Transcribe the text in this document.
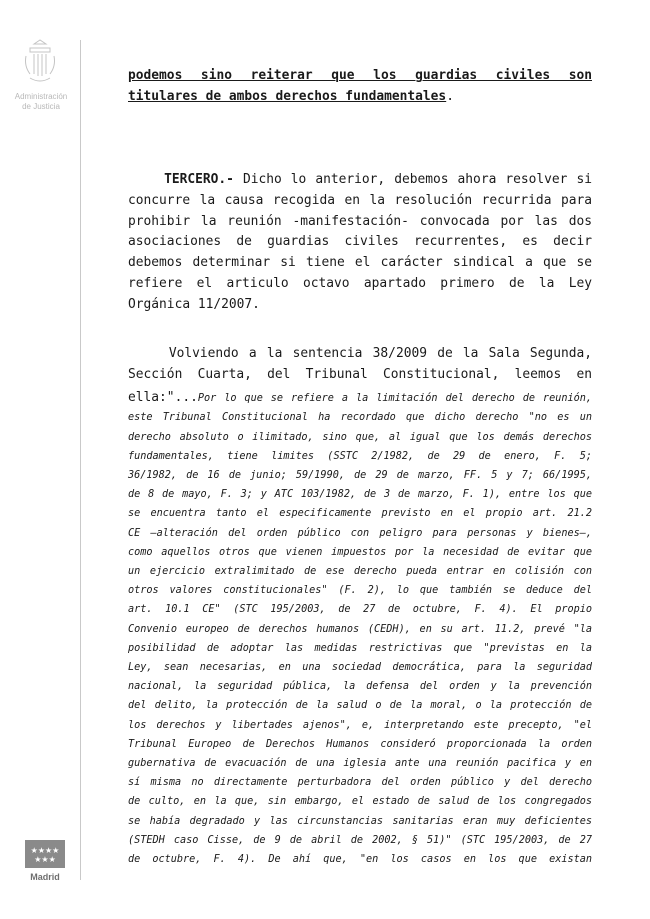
Administración
de Justicia
★★★★ ★★★
Madrid
podemos sino reiterar que los guardias civiles son
titulares de ambos derechos fundamentales.
TERCERO.- Dicho lo anterior, debemos ahora resolver si
concurre la causa recogida en la resolución recurrida para
prohibir la reunión -manifestación- convocada por las dos
asociaciones de guardias civiles recurrentes, es decir
debemos determinar si tiene el carácter sindical a que se
refiere el articulo octavo apartado primero de la Ley
Orgánica 11/2007.
Volviendo a la sentencia 38/2009 de la Sala Segunda,
Sección Cuarta, del Tribunal Constitucional, leemos en
ella:"...Por lo que se refiere a la limitación del derecho de reunión,
este Tribunal Constitucional ha recordado que dicho derecho "no es un
derecho absoluto o ilimitado, sino que, al igual que los demás derechos
fundamentales, tiene limites (SSTC 2/1982, de 29 de enero, F. 5;
36/1982, de 16 de junio; 59/1990, de 29 de marzo, FF. 5 y 7; 66/1995,
de 8 de mayo, F. 3; y ATC 103/1982, de 3 de marzo, F. 1), entre los que
se encuentra tanto el especificamente previsto en el propio art. 21.2
CE —alteración del orden público con peligro para personas y bienes—,
como aquellos otros que vienen impuestos por la necesidad de evitar que
un ejercicio extralimitado de ese derecho pueda entrar en colisión con
otros valores constitucionales" (F. 2), lo que también se deduce del
art. 10.1 CE" (STC 195/2003, de 27 de octubre, F. 4). El propio
Convenio europeo de derechos humanos (CEDH), en su art. 11.2, prevé "la
posibilidad de adoptar las medidas restrictivas que "previstas en la
Ley, sean necesarias, en una sociedad democrática, para la seguridad
nacional, la seguridad pública, la defensa del orden y la prevención
del delito, la protección de la salud o de la moral, o la protección de
los derechos y libertades ajenos", e, interpretando este precepto, "el
Tribunal Europeo de Derechos Humanos consideró proporcionada la orden
gubernativa de evacuación de una iglesia ante una reunión pacifica y en
sí misma no directamente perturbadora del orden público y del derecho
de culto, en la que, sin embargo, el estado de salud de los congregados
se había degradado y las circunstancias sanitarias eran muy deficientes
(STEDH caso Cisse, de 9 de abril de 2002, § 51)" (STC 195/2003, de 27
de octubre, F. 4). De ahí que, "en los casos en los que existan
